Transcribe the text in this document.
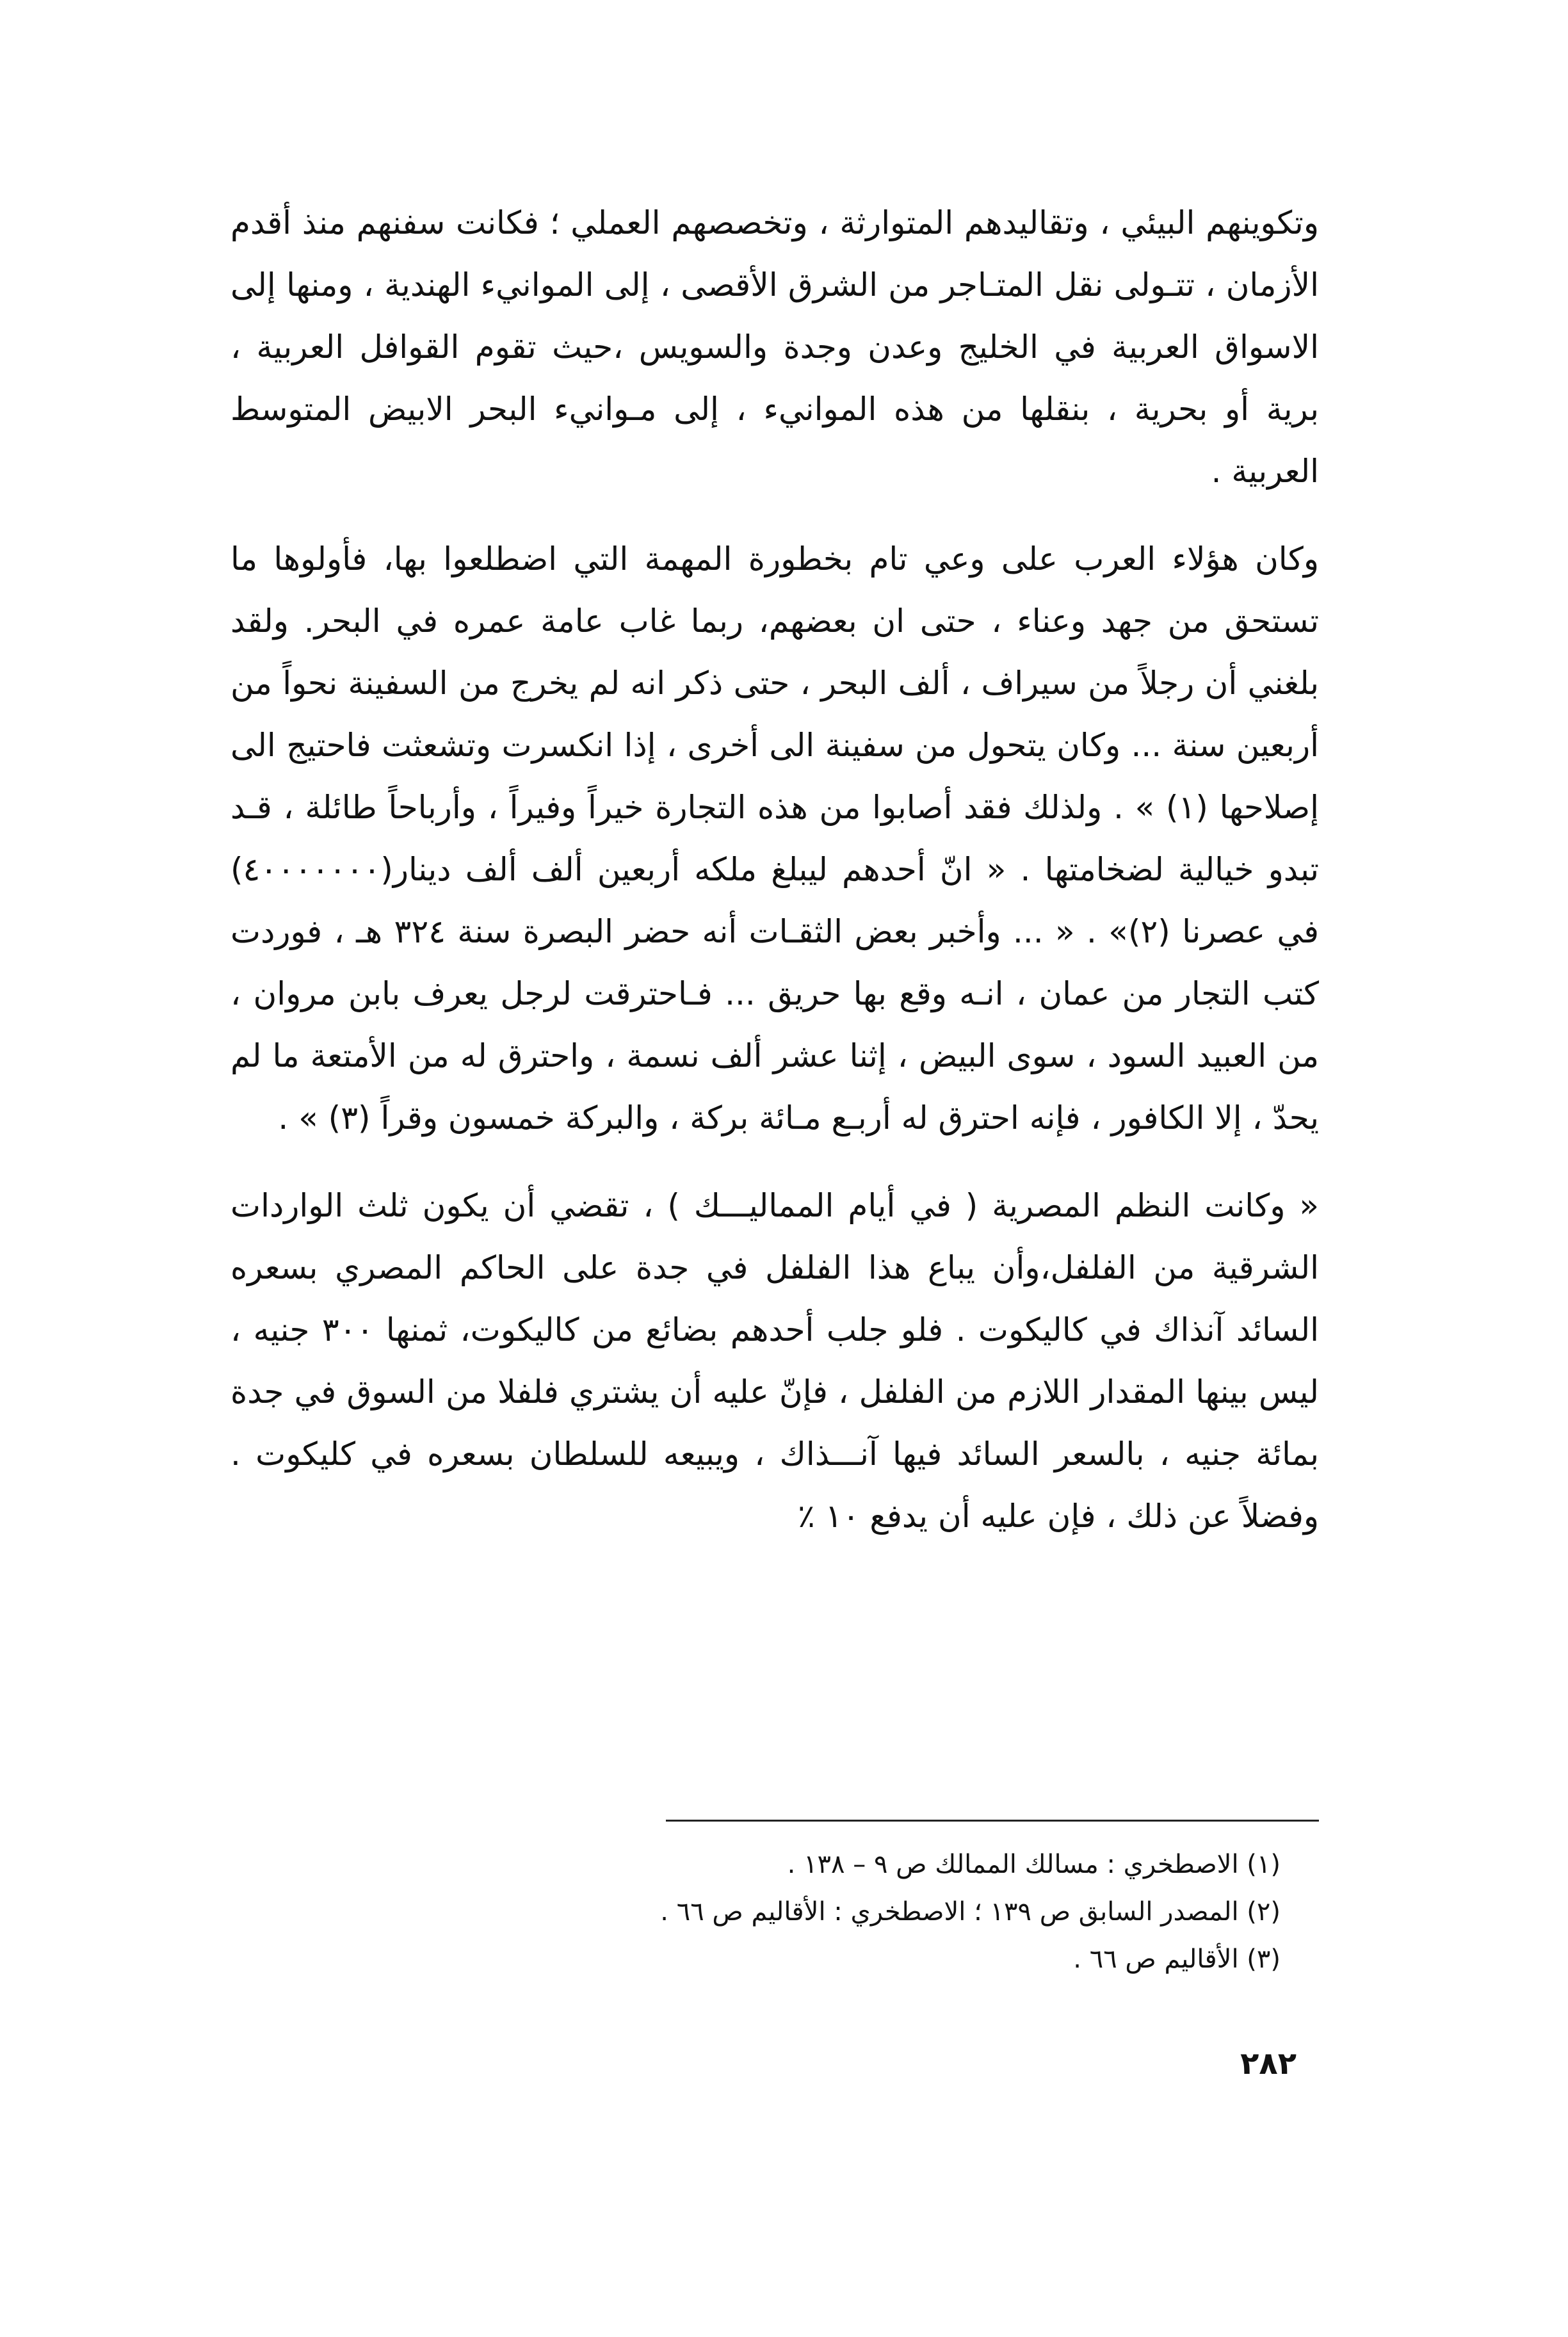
وتكوينهم البيئي ، وتقاليدهم المتوارثة ، وتخصصهم العملي ؛ فكانت سفنهم منذ أقدم الأزمان ، تتـولى نقل المتـاجر من الشرق الأقصى ، إلى الموانيء الهندية ، ومنها إلى الاسواق العربية في الخليج وعدن وجدة والسويس ،حيث تقوم القوافل العربية ، برية أو بحرية ، بنقلها من هذه الموانيء ، إلى مـوانيء البحر الابيض المتوسط العربية .

وكان هؤلاء العرب على وعي تام بخطورة المهمة التي اضطلعوا بها، فأولوها ما تستحق من جهد وعناء ، حتى ان بعضهم، ربما غاب عامة عمره في البحر. ولقد بلغني أن رجلاً من سيراف ، ألف البحر ، حتى ذكر انه لم يخرج من السفينة نحواً من أربعين سنة ... وكان يتحول من سفينة الى أخرى ، إذا انكسرت وتشعثت فاحتيج الى إصلاحها (١) » . ولذلك فقد أصابوا من هذه التجارة خيراً وفيراً ، وأرباحاً طائلة ، قـد تبدو خيالية لضخامتها . « انّ أحدهم ليبلغ ملكه أربعين ألف ألف دينار(٤٠٠٠٠٠٠٠) في عصرنا (٢)» . « ... وأخبر بعض الثقـات أنه حضر البصرة سنة ٣٢٤ هـ ، فوردت كتب التجار من عمان ، انـه وقع بها حريق ... فـاحترقت لرجل يعرف بابن مروان ، من العبيد السود ، سوى البيض ، إثنا عشر ألف نسمة ، واحترق له من الأمتعة ما لم يحدّ ، إلا الكافور ، فإنه احترق له أربـع مـائة بركة ، والبركة خمسون وقراً (٣) » .

« وكانت النظم المصرية ( في أيام المماليـــك ) ، تقضي أن يكون ثلث الواردات الشرقية من الفلفل،وأن يباع هذا الفلفل في جدة على الحاكم المصري بسعره السائد آنذاك في كاليكوت . فلو جلب أحدهم بضائع من كاليكوت، ثمنها ٣٠٠ جنيه ، ليس بينها المقدار اللازم من الفلفل ، فإنّ عليه أن يشتري فلفلا من السوق في جدة بمائة جنيه ، بالسعر السائد فيها آنـــذاك ، ويبيعه للسلطان بسعره في كليكوت . وفضلاً عن ذلك ، فإن عليه أن يدفع ١٠ ٪

(١) الاصطخري : مسالك الممالك ص ٩ – ١٣٨ .

(٢) المصدر السابق ص ١٣٩ ؛ الاصطخري : الأقاليم ص ٦٦ .

(٣) الأقاليم ص ٦٦ .

٢٨٢
